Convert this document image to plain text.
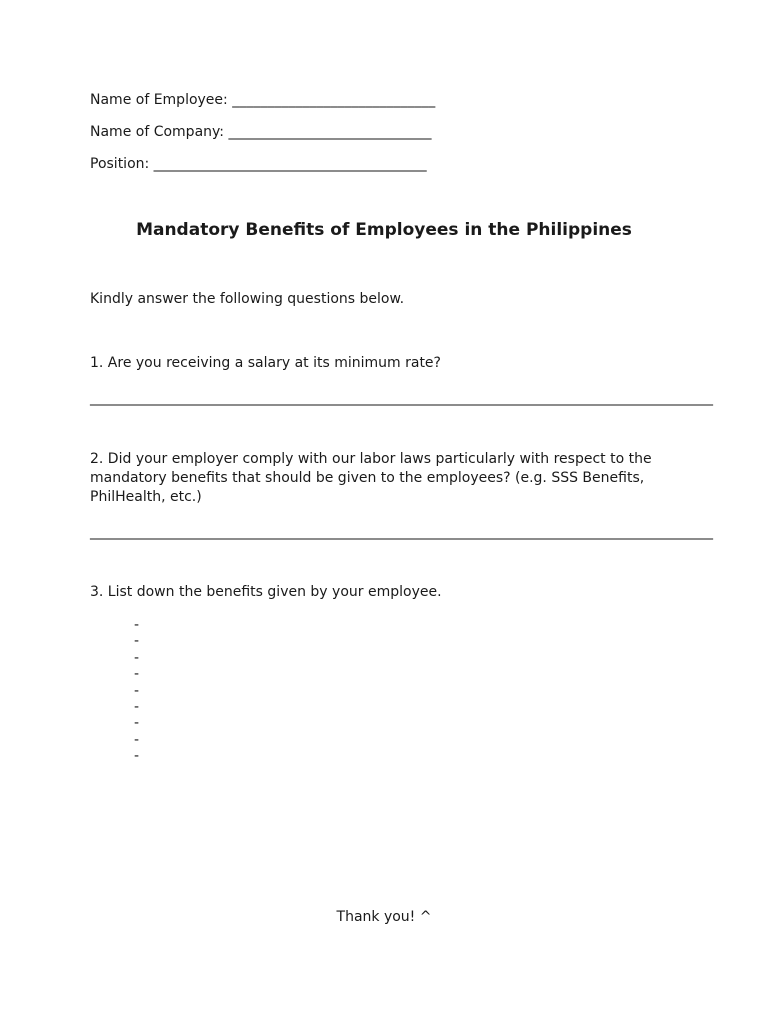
Name of Employee: _____________________________
Name of Company: _____________________________
Position: _______________________________________
Mandatory Benefits of Employees in the Philippines
Kindly answer the following questions below.
1. Are you receiving a salary at its minimum rate?
_________________________________________________________________________________________
2. Did your employer comply with our labor laws particularly with respect to the mandatory benefits that should be given to the employees? (e.g. SSS Benefits, PhilHealth, etc.)
_________________________________________________________________________________________
3. List down the benefits given by your employee.
-
-
-
-
-
-
-
-
-
Thank you! ^
